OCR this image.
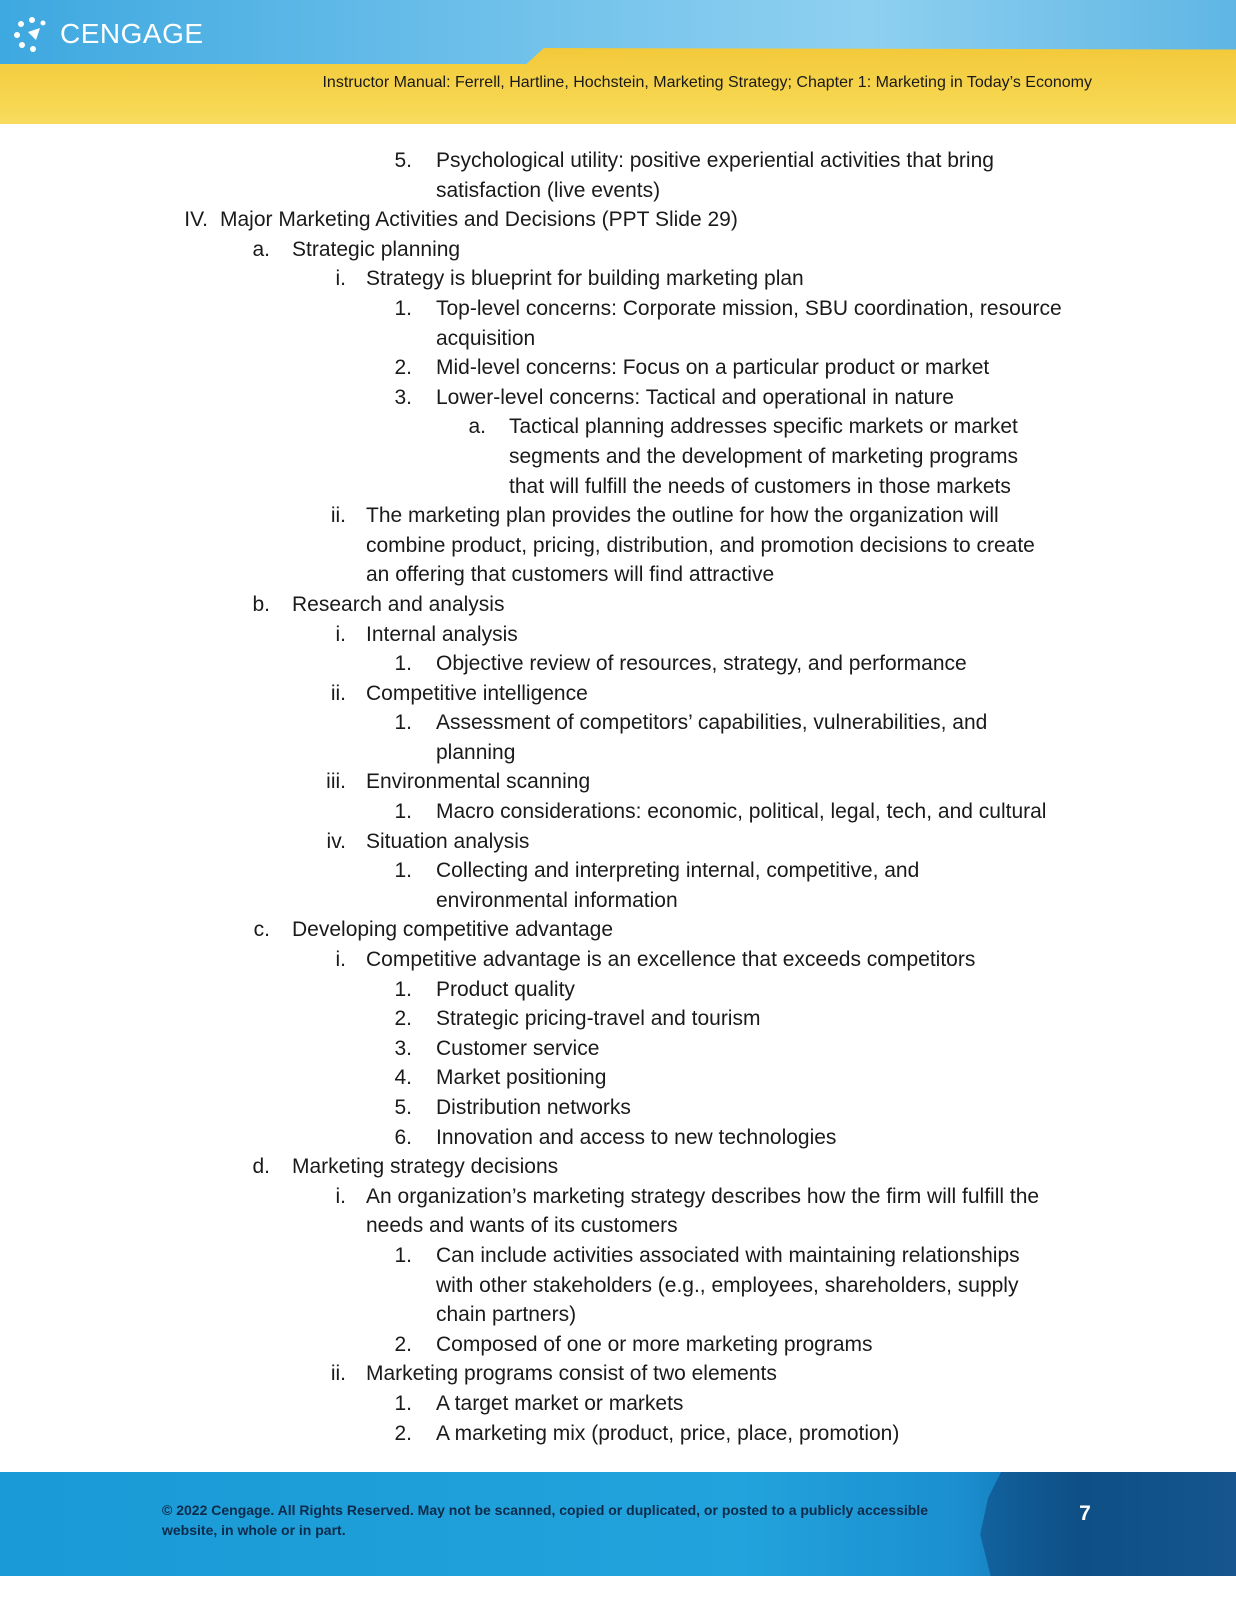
CENGAGE
Instructor Manual: Ferrell, Hartline, Hochstein, Marketing Strategy; Chapter 1: Marketing in Today’s Economy
5. Psychological utility: positive experiential activities that bring
satisfaction (live events)
IV. Major Marketing Activities and Decisions (PPT Slide 29)
a. Strategic planning
i. Strategy is blueprint for building marketing plan
1. Top-level concerns: Corporate mission, SBU coordination, resource
acquisition
2. Mid-level concerns: Focus on a particular product or market
3. Lower-level concerns: Tactical and operational in nature
a. Tactical planning addresses specific markets or market
segments and the development of marketing programs
that will fulfill the needs of customers in those markets
ii. The marketing plan provides the outline for how the organization will
combine product, pricing, distribution, and promotion decisions to create
an offering that customers will find attractive
b. Research and analysis
i. Internal analysis
1. Objective review of resources, strategy, and performance
ii. Competitive intelligence
1. Assessment of competitors’ capabilities, vulnerabilities, and
planning
iii. Environmental scanning
1. Macro considerations: economic, political, legal, tech, and cultural
iv. Situation analysis
1. Collecting and interpreting internal, competitive, and
environmental information
c. Developing competitive advantage
i. Competitive advantage is an excellence that exceeds competitors
1. Product quality
2. Strategic pricing-travel and tourism
3. Customer service
4. Market positioning
5. Distribution networks
6. Innovation and access to new technologies
d. Marketing strategy decisions
i. An organization’s marketing strategy describes how the firm will fulfill the
needs and wants of its customers
1. Can include activities associated with maintaining relationships
with other stakeholders (e.g., employees, shareholders, supply
chain partners)
2. Composed of one or more marketing programs
ii. Marketing programs consist of two elements
1. A target market or markets
2. A marketing mix (product, price, place, promotion)
© 2022 Cengage. All Rights Reserved. May not be scanned, copied or duplicated, or posted to a publicly accessible
website, in whole or in part.
7
